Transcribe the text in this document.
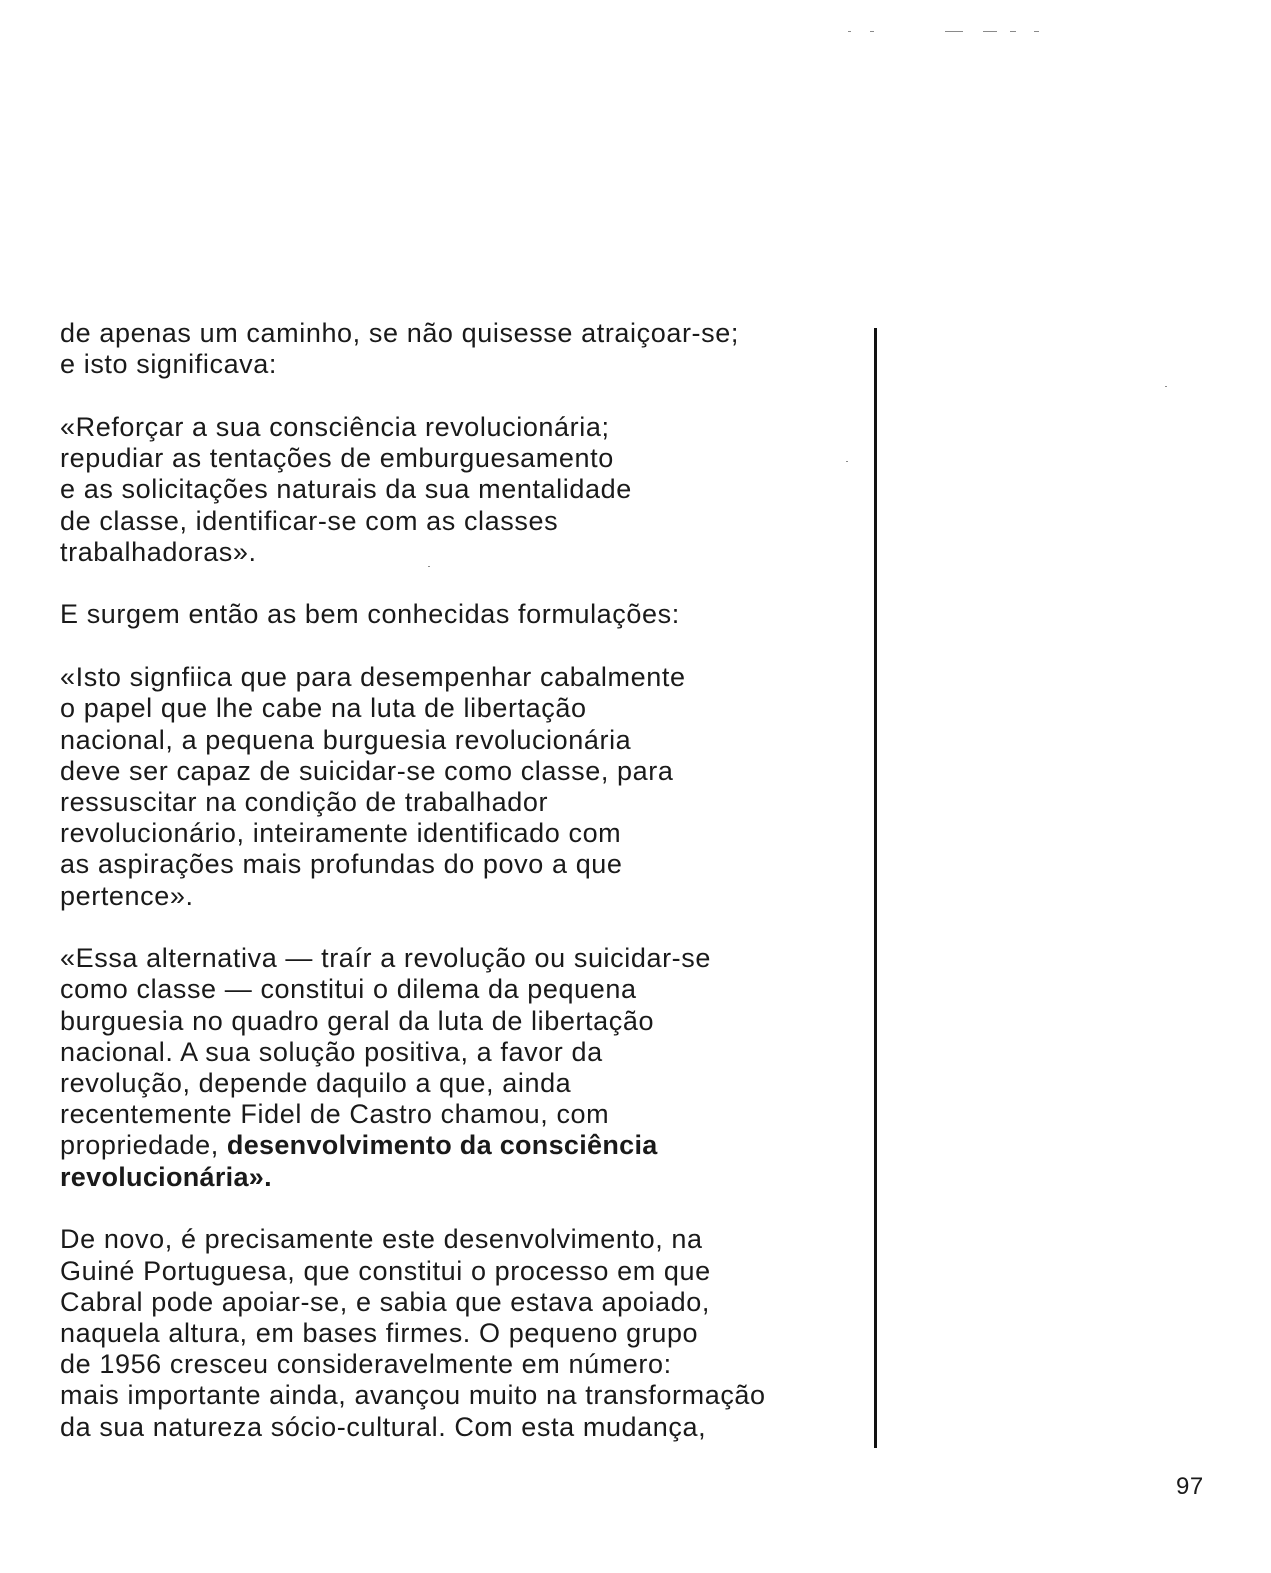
de apenas um caminho, se não quisesse atraiçoar-se;
e isto significava:
«Reforçar a sua consciência revolucionária;
repudiar as tentações de emburguesamento
e as solicitações naturais da sua mentalidade
de classe, identificar-se com as classes
trabalhadoras».
E surgem então as bem conhecidas formulações:
«Isto signfiica que para desempenhar cabalmente
o papel que lhe cabe na luta de libertação
nacional, a pequena burguesia revolucionária
deve ser capaz de suicidar-se como classe, para
ressuscitar na condição de trabalhador
revolucionário, inteiramente identificado com
as aspirações mais profundas do povo a que
pertence».
«Essa alternativa — traír a revolução ou suicidar-se
como classe — constitui o dilema da pequena
burguesia no quadro geral da luta de libertação
nacional. A sua solução positiva, a favor da
revolução, depende daquilo a que, ainda
recentemente Fidel de Castro chamou, com
propriedade, desenvolvimento da consciência
revolucionária».
De novo, é precisamente este desenvolvimento, na
Guiné Portuguesa, que constitui o processo em que
Cabral pode apoiar-se, e sabia que estava apoiado,
naquela altura, em bases firmes. O pequeno grupo
de 1956 cresceu consideravelmente em número:
mais importante ainda, avançou muito na transformação
da sua natureza sócio-cultural. Com esta mudança,
97
